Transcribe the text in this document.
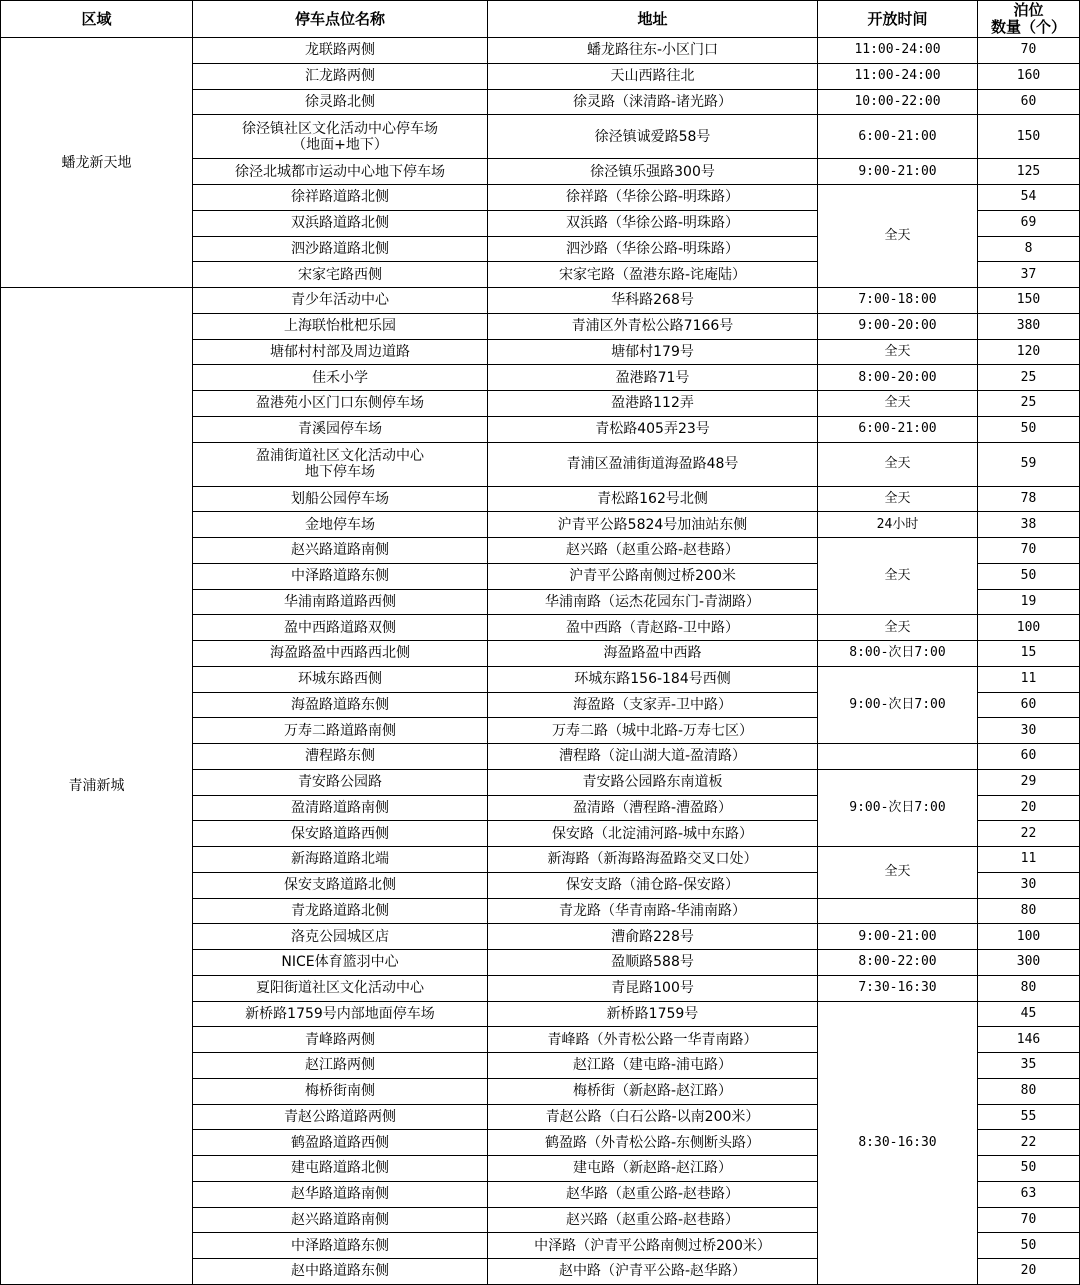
区域	停车点位名称	地址	开放时间	泊位
数量（个）
蟠龙新天地	龙联路两侧	蟠龙路往东-小区门口	11:00-24:00	70
	汇龙路两侧	天山西路往北	11:00-24:00	160
	徐灵路北侧	徐灵路（涞清路-诸光路）	10:00-22:00	60
	徐泾镇社区文化活动中心停车场
（地面+地下）	徐泾镇诚爱路58号	6:00-21:00	150
	徐泾北城都市运动中心地下停车场	徐泾镇乐强路300号	9:00-21:00	125
	徐祥路道路北侧	徐祥路（华徐公路-明珠路）	全天	54
	双浜路道路北侧	双浜路（华徐公路-明珠路）		69
	泗沙路道路北侧	泗沙路（华徐公路-明珠路）		8
	宋家宅路西侧	宋家宅路（盈港东路-诧庵陆）		37
青浦新城	青少年活动中心	华科路268号	7:00-18:00	150
	上海联怡枇杷乐园	青浦区外青松公路7166号	9:00-20:00	380
	塘郁村村部及周边道路	塘郁村179号	全天	120
	佳禾小学	盈港路71号	8:00-20:00	25
	盈港苑小区门口东侧停车场	盈港路112弄	全天	25
	青溪园停车场	青松路405弄23号	6:00-21:00	50
	盈浦街道社区文化活动中心
地下停车场	青浦区盈浦街道海盈路48号	全天	59
	划船公园停车场	青松路162号北侧	全天	78
	金地停车场	沪青平公路5824号加油站东侧	24小时	38
	赵兴路道路南侧	赵兴路（赵重公路-赵巷路）	全天	70
	中泽路道路东侧	沪青平公路南侧过桥200米		50
	华浦南路道路西侧	华浦南路（运杰花园东门-青湖路）		19
	盈中西路道路双侧	盈中西路（青赵路-卫中路）	全天	100
	海盈路盈中西路西北侧	海盈路盈中西路	8:00-次日7:00	15
	环城东路西侧	环城东路156-184号西侧	9:00-次日7:00	11
	海盈路道路东侧	海盈路（支家弄-卫中路）		60
	万寿二路道路南侧	万寿二路（城中北路-万寿七区）		30
	漕程路东侧	漕程路（淀山湖大道-盈清路）		60
	青安路公园路	青安路公园路东南道板	9:00-次日7:00	29
	盈清路道路南侧	盈清路（漕程路-漕盈路）		20
	保安路道路西侧	保安路（北淀浦河路-城中东路）		22
	新海路道路北端	新海路（新海路海盈路交叉口处）	全天	11
	保安支路道路北侧	保安支路（浦仓路-保安路）		30
	青龙路道路北侧	青龙路（华青南路-华浦南路）		80
	洛克公园城区店	漕俞路228号	9:00-21:00	100
	NICE体育篮羽中心	盈顺路588号	8:00-22:00	300
	夏阳街道社区文化活动中心	青昆路100号	7:30-16:30	80
	新桥路1759号内部地面停车场	新桥路1759号	8:30-16:30	45
	青峰路两侧	青峰路（外青松公路一华青南路）		146
	赵江路两侧	赵江路（建屯路-浦屯路）		35
	梅桥街南侧	梅桥街（新赵路-赵江路）		80
	青赵公路道路两侧	青赵公路（白石公路-以南200米）		55
	鹤盈路道路西侧	鹤盈路（外青松公路-东侧断头路）		22
	建屯路道路北侧	建屯路（新赵路-赵江路）		50
	赵华路道路南侧	赵华路（赵重公路-赵巷路）		63
	赵兴路道路南侧	赵兴路（赵重公路-赵巷路）		70
	中泽路道路东侧	中泽路（沪青平公路南侧过桥200米）		50
	赵中路道路东侧	赵中路（沪青平公路-赵华路）		20
